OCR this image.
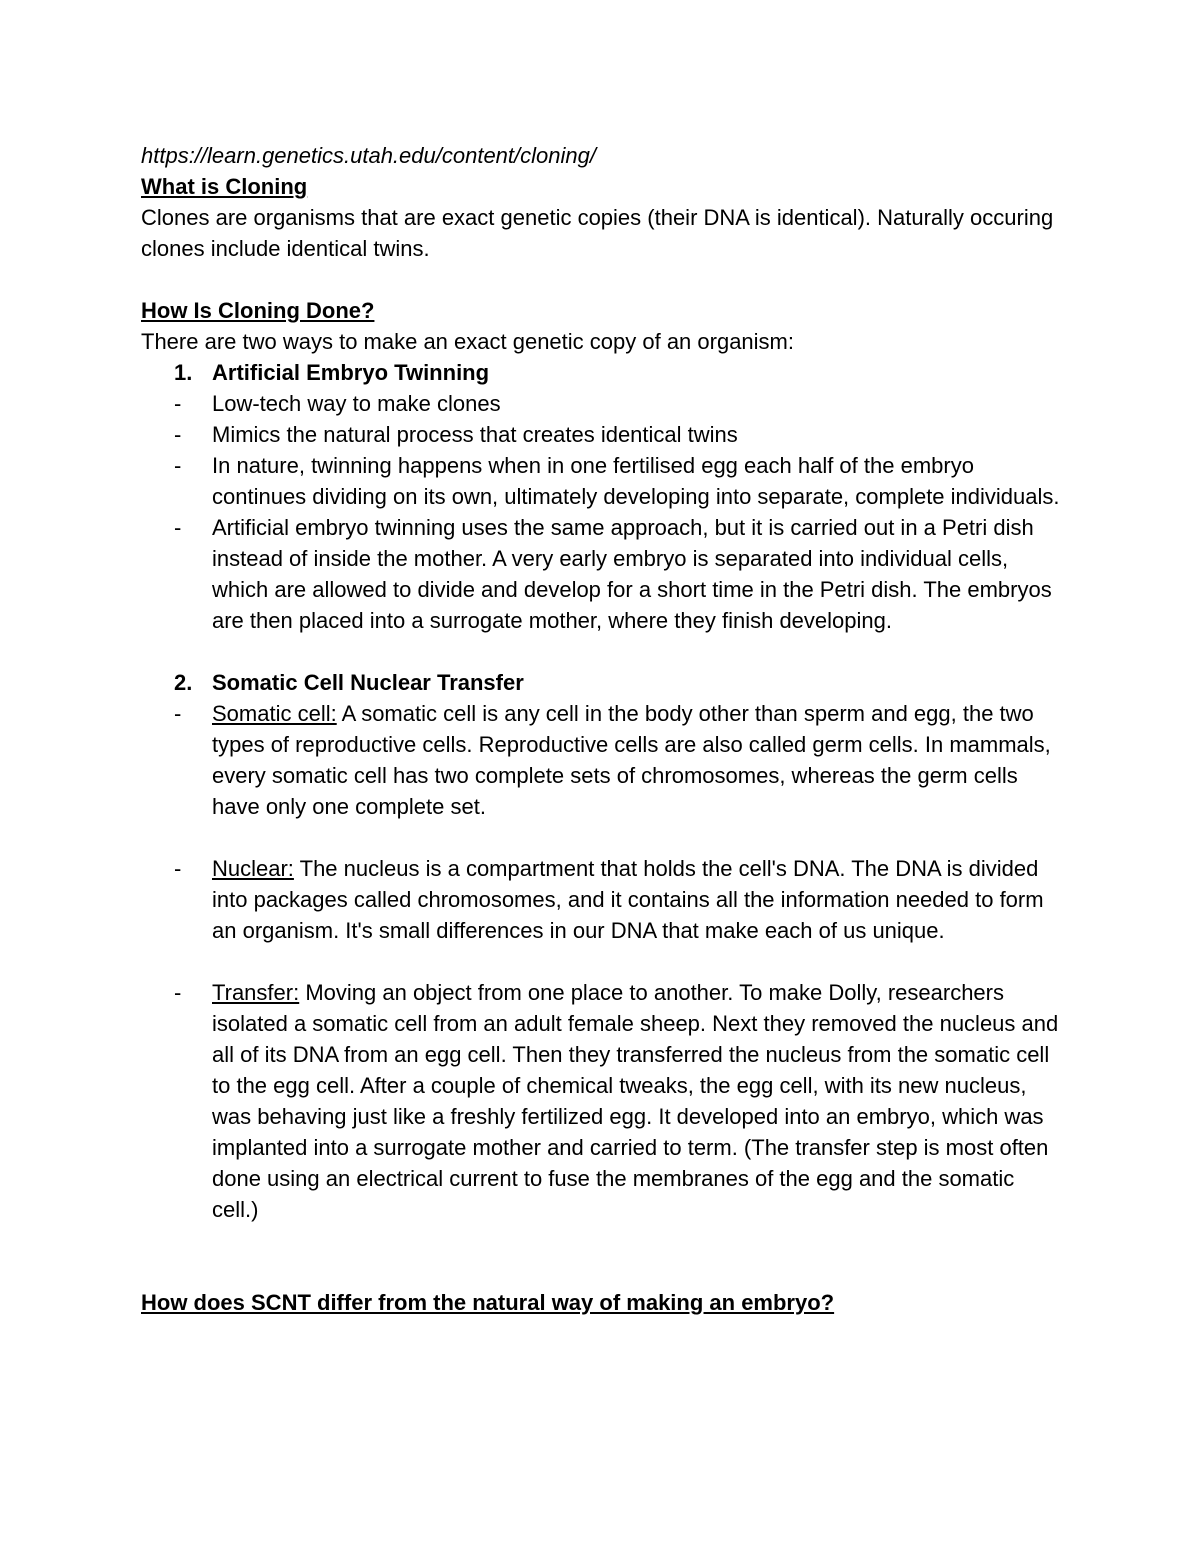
https://learn.genetics.utah.edu/content/cloning/

What is Cloning

Clones are organisms that are exact genetic copies (their DNA is identical). Naturally occuring clones include identical twins.

How Is Cloning Done?

There are two ways to make an exact genetic copy of an organism:

1. Artificial Embryo Twinning
- Low-tech way to make clones
- Mimics the natural process that creates identical twins
- In nature, twinning happens when in one fertilised egg each half of the embryo continues dividing on its own, ultimately developing into separate, complete individuals.
- Artificial embryo twinning uses the same approach, but it is carried out in a Petri dish instead of inside the mother. A very early embryo is separated into individual cells, which are allowed to divide and develop for a short time in the Petri dish. The embryos are then placed into a surrogate mother, where they finish developing.
2. Somatic Cell Nuclear Transfer
- Somatic cell: A somatic cell is any cell in the body other than sperm and egg, the two types of reproductive cells. Reproductive cells are also called germ cells. In mammals, every somatic cell has two complete sets of chromosomes, whereas the germ cells have only one complete set.
- Nuclear: The nucleus is a compartment that holds the cell's DNA. The DNA is divided into packages called chromosomes, and it contains all the information needed to form an organism. It's small differences in our DNA that make each of us unique.
- Transfer: Moving an object from one place to another. To make Dolly, researchers isolated a somatic cell from an adult female sheep. Next they removed the nucleus and all of its DNA from an egg cell. Then they transferred the nucleus from the somatic cell to the egg cell. After a couple of chemical tweaks, the egg cell, with its new nucleus, was behaving just like a freshly fertilized egg. It developed into an embryo, which was implanted into a surrogate mother and carried to term. (The transfer step is most often done using an electrical current to fuse the membranes of the egg and the somatic cell.)

How does SCNT differ from the natural way of making an embryo?
